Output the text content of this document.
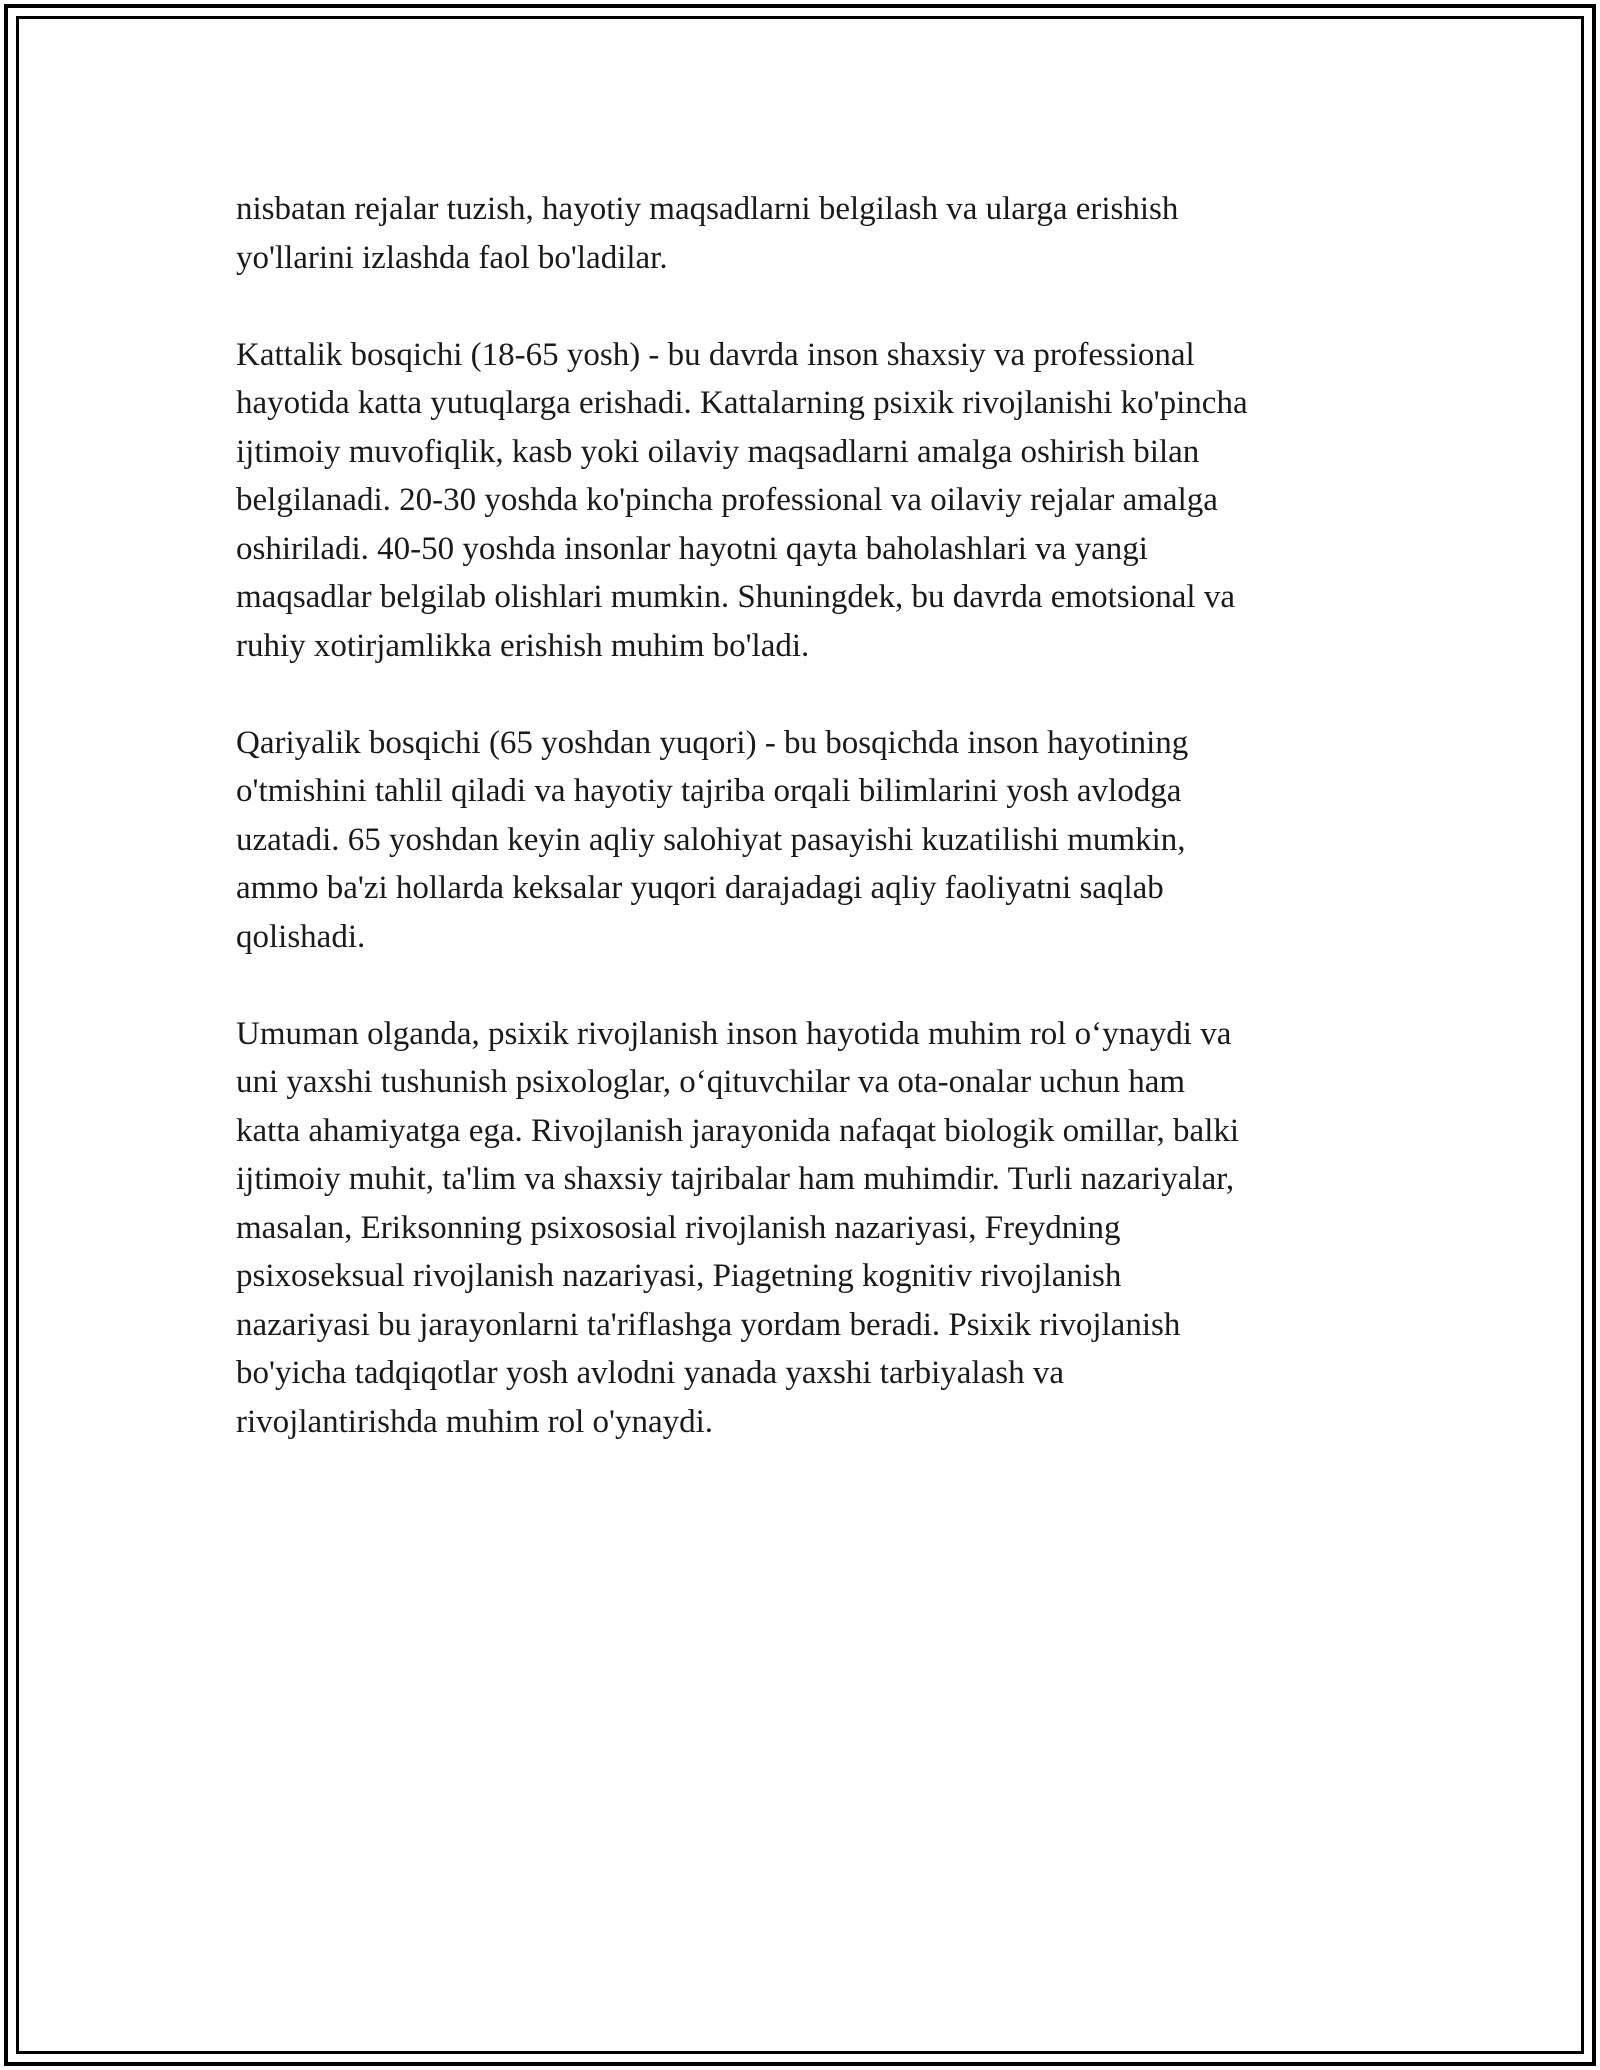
nisbatan rejalar tuzish, hayotiy maqsadlarni belgilash va ularga erishish
yo'llarini izlashda faol bo'ladilar.

Kattalik bosqichi (18-65 yosh) - bu davrda inson shaxsiy va professional
hayotida katta yutuqlarga erishadi. Kattalarning psixik rivojlanishi ko'pincha
ijtimoiy muvofiqlik, kasb yoki oilaviy maqsadlarni amalga oshirish bilan
belgilanadi. 20-30 yoshda ko'pincha professional va oilaviy rejalar amalga
oshiriladi. 40-50 yoshda insonlar hayotni qayta baholashlari va yangi
maqsadlar belgilab olishlari mumkin. Shuningdek, bu davrda emotsional va
ruhiy xotirjamlikka erishish muhim bo'ladi.

Qariyalik bosqichi (65 yoshdan yuqori) - bu bosqichda inson hayotining
o'tmishini tahlil qiladi va hayotiy tajriba orqali bilimlarini yosh avlodga
uzatadi. 65 yoshdan keyin aqliy salohiyat pasayishi kuzatilishi mumkin,
ammo ba'zi hollarda keksalar yuqori darajadagi aqliy faoliyatni saqlab
qolishadi.

Umuman olganda, psixik rivojlanish inson hayotida muhim rol o‘ynaydi va
uni yaxshi tushunish psixologlar, o‘qituvchilar va ota-onalar uchun ham
katta ahamiyatga ega. Rivojlanish jarayonida nafaqat biologik omillar, balki
ijtimoiy muhit, ta'lim va shaxsiy tajribalar ham muhimdir. Turli nazariyalar,
masalan, Eriksonning psixososial rivojlanish nazariyasi, Freydning
psixoseksual rivojlanish nazariyasi, Piagetning kognitiv rivojlanish
nazariyasi bu jarayonlarni ta'riflashga yordam beradi. Psixik rivojlanish
bo'yicha tadqiqotlar yosh avlodni yanada yaxshi tarbiyalash va
rivojlantirishda muhim rol o'ynaydi.
